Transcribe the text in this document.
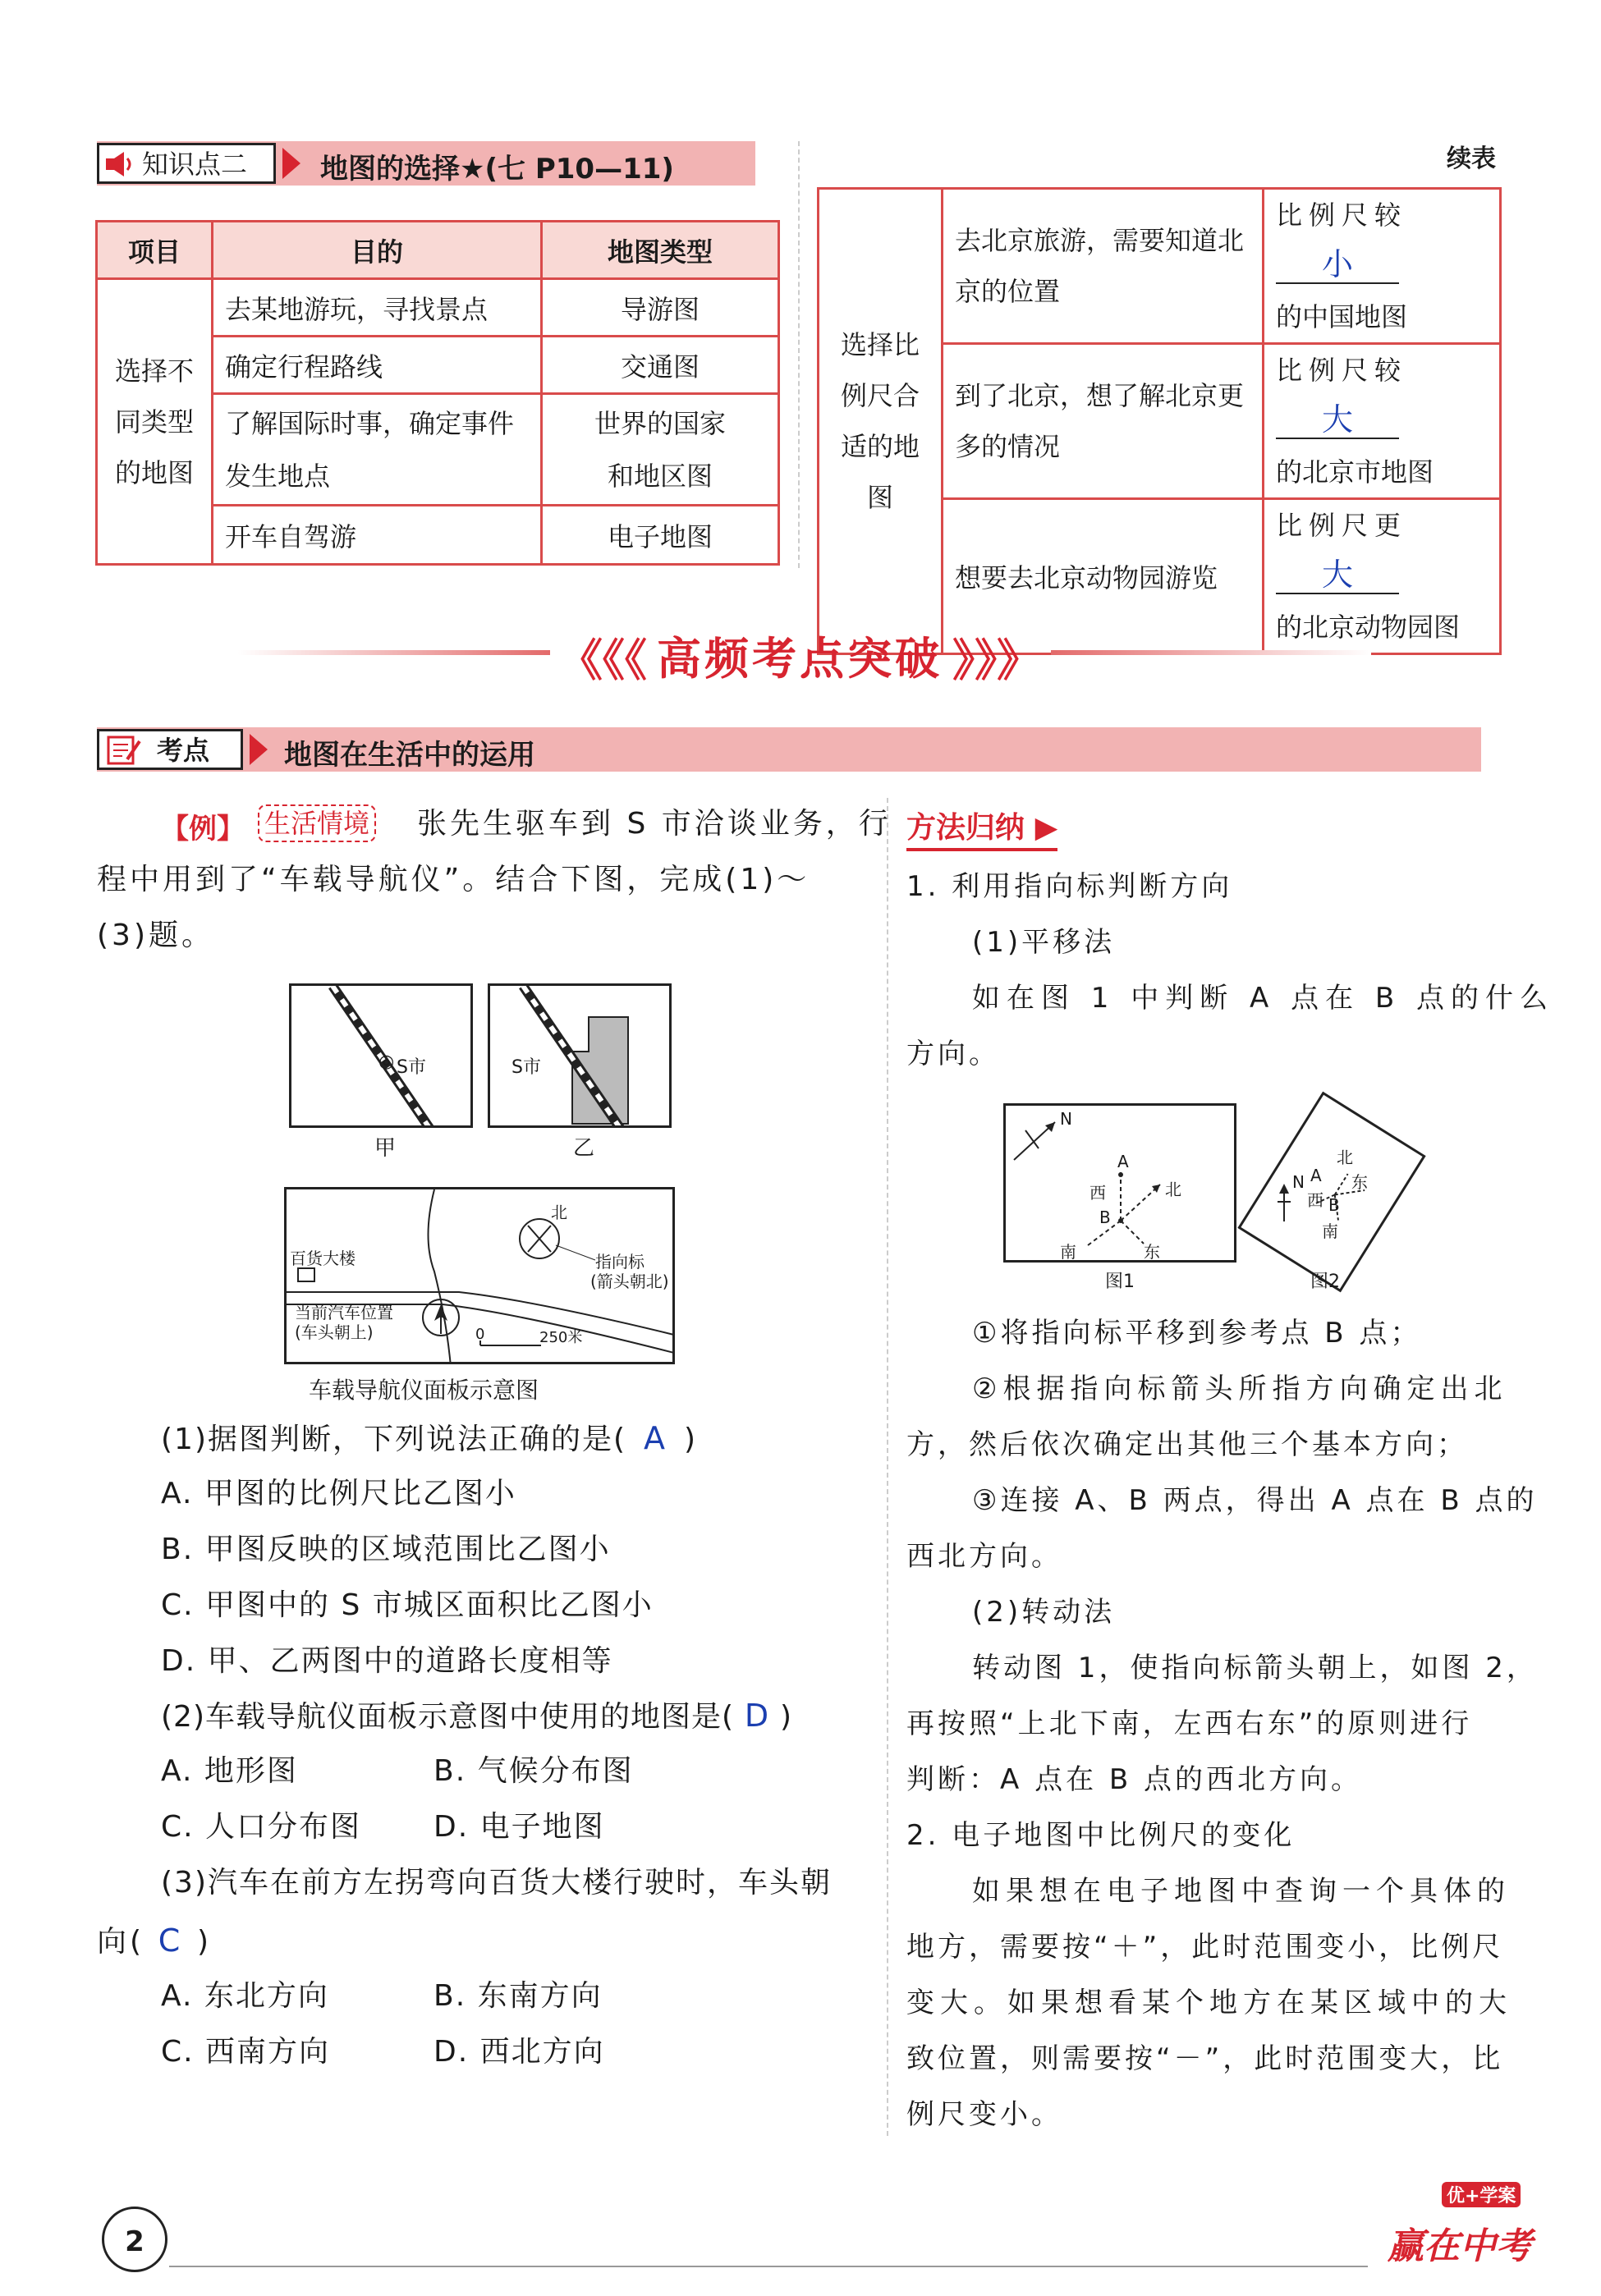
知识点二	地图的选择★(七 P10—11)	续表
项目	目的	地图类型
选择不同类型的地图	去某地游玩，寻找景点	导游图
	确定行程路线	交通图
	了解国际时事，确定事件发生地点	世界的国家和地区图
	开车自驾游	电子地图
选择比例尺合适的地图	去北京旅游，需要知道北京的位置	比例尺较小
的中国地图
	到了北京，想了解北京更多的情况	比例尺较大
的北京市地图
	想要去北京动物园游览	比例尺更大
的北京动物园图
《《《	》》》
高频考点突破
考点	地图在生活中的运用
【例】 生活情境 张先生驱车到 S 市洽谈业务，行
程中用到了“车载导航仪”。结合下图，完成(1)～
(3)题。
◎ S市
甲
S市
乙
北
指向标
(箭头朝北)
百货大楼
当前汽车位置
(车头朝上)	0	250米
车载导航仪面板示意图
(1)据图判断，下列说法正确的是( A )
A. 甲图的比例尺比乙图小
B. 甲图反映的区域范围比乙图小
C. 甲图中的 S 市城区面积比乙图小
D. 甲、乙两图中的道路长度相等
(2)车载导航仪面板示意图中使用的地图是( D )
A. 地形图	B. 气候分布图
C. 人口分布图 D. 电子地图
(3)汽车在前方左拐弯向百货大楼行驶时，车头朝
向( C )
A. 东北方向	B. 东南方向
C. 西南方向	D. 西北方向
方法归纳 ▶
1. 利用指向标判断方向
(1)平移法
如在图 1 中判断 A 点在 B 点的什么
方向。
N
A
B
西	北
南	东
图1
N
北
A
西 B
东
南
图2
①将指向标平移到参考点 B 点；
②根据指向标箭头所指方向确定出北
方，然后依次确定出其他三个基本方向；
③连接 A、B 两点，得出 A 点在 B 点的
西北方向。
(2)转动法
转动图 1，使指向标箭头朝上，如图 2，
再按照“上北下南，左西右东”的原则进行
判断：A 点在 B 点的西北方向。
2. 电子地图中比例尺的变化
如果想在电子地图中查询一个具体的
地方，需要按“＋”，此时范围变小，比例尺
变大。如果想看某个地方在某区域中的大
致位置，则需要按“－”，此时范围变大，比
例尺变小。
2
优+学案
赢在中考
